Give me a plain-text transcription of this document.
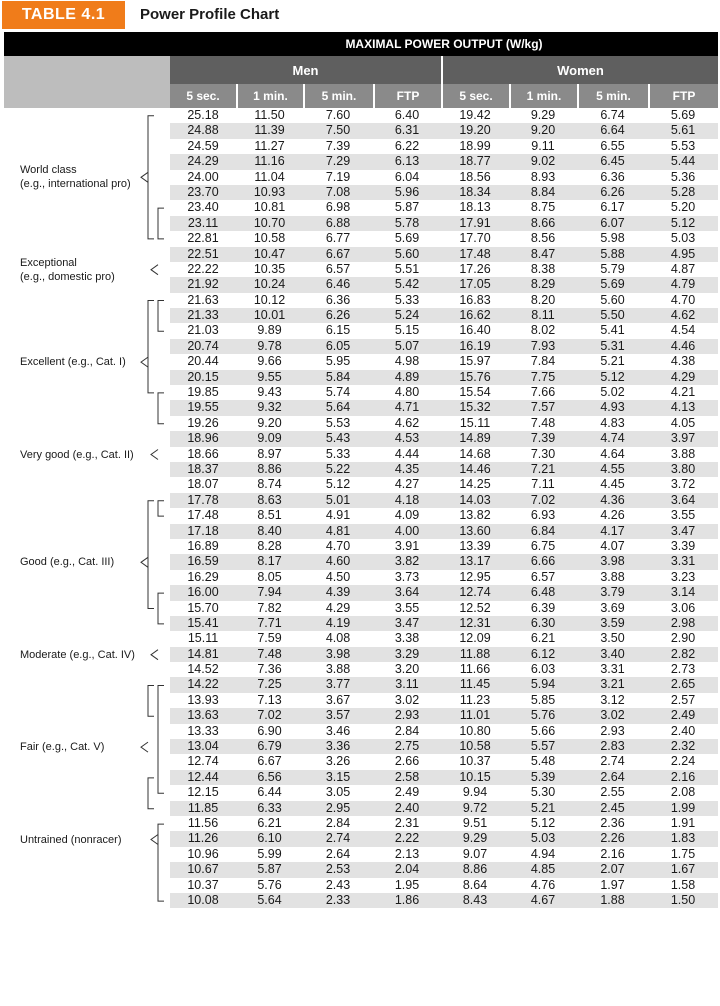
TABLE 4.1	Power Profile Chart
MAXIMAL POWER OUTPUT (W/kg)
Men	Women
5 sec.	1 min.	5 min.	FTP	5 sec.	1 min.	5 min.	FTP
25.18	11.50	7.60	6.40	19.42	9.29	6.74	5.69
24.88	11.39	7.50	6.31	19.20	9.20	6.64	5.61
24.59	11.27	7.39	6.22	18.99	9.11	6.55	5.53
24.29	11.16	7.29	6.13	18.77	9.02	6.45	5.44
24.00	11.04	7.19	6.04	18.56	8.93	6.36	5.36
23.70	10.93	7.08	5.96	18.34	8.84	6.26	5.28
23.40	10.81	6.98	5.87	18.13	8.75	6.17	5.20
23.11	10.70	6.88	5.78	17.91	8.66	6.07	5.12
22.81	10.58	6.77	5.69	17.70	8.56	5.98	5.03
22.51	10.47	6.67	5.60	17.48	8.47	5.88	4.95
22.22	10.35	6.57	5.51	17.26	8.38	5.79	4.87
21.92	10.24	6.46	5.42	17.05	8.29	5.69	4.79
21.63	10.12	6.36	5.33	16.83	8.20	5.60	4.70
21.33	10.01	6.26	5.24	16.62	8.11	5.50	4.62
21.03	9.89	6.15	5.15	16.40	8.02	5.41	4.54
20.74	9.78	6.05	5.07	16.19	7.93	5.31	4.46
20.44	9.66	5.95	4.98	15.97	7.84	5.21	4.38
20.15	9.55	5.84	4.89	15.76	7.75	5.12	4.29
19.85	9.43	5.74	4.80	15.54	7.66	5.02	4.21
19.55	9.32	5.64	4.71	15.32	7.57	4.93	4.13
19.26	9.20	5.53	4.62	15.11	7.48	4.83	4.05
18.96	9.09	5.43	4.53	14.89	7.39	4.74	3.97
18.66	8.97	5.33	4.44	14.68	7.30	4.64	3.88
18.37	8.86	5.22	4.35	14.46	7.21	4.55	3.80
18.07	8.74	5.12	4.27	14.25	7.11	4.45	3.72
17.78	8.63	5.01	4.18	14.03	7.02	4.36	3.64
17.48	8.51	4.91	4.09	13.82	6.93	4.26	3.55
17.18	8.40	4.81	4.00	13.60	6.84	4.17	3.47
16.89	8.28	4.70	3.91	13.39	6.75	4.07	3.39
16.59	8.17	4.60	3.82	13.17	6.66	3.98	3.31
16.29	8.05	4.50	3.73	12.95	6.57	3.88	3.23
16.00	7.94	4.39	3.64	12.74	6.48	3.79	3.14
15.70	7.82	4.29	3.55	12.52	6.39	3.69	3.06
15.41	7.71	4.19	3.47	12.31	6.30	3.59	2.98
15.11	7.59	4.08	3.38	12.09	6.21	3.50	2.90
14.81	7.48	3.98	3.29	11.88	6.12	3.40	2.82
14.52	7.36	3.88	3.20	11.66	6.03	3.31	2.73
14.22	7.25	3.77	3.11	11.45	5.94	3.21	2.65
13.93	7.13	3.67	3.02	11.23	5.85	3.12	2.57
13.63	7.02	3.57	2.93	11.01	5.76	3.02	2.49
13.33	6.90	3.46	2.84	10.80	5.66	2.93	2.40
13.04	6.79	3.36	2.75	10.58	5.57	2.83	2.32
12.74	6.67	3.26	2.66	10.37	5.48	2.74	2.24
12.44	6.56	3.15	2.58	10.15	5.39	2.64	2.16
12.15	6.44	3.05	2.49	9.94	5.30	2.55	2.08
11.85	6.33	2.95	2.40	9.72	5.21	2.45	1.99
11.56	6.21	2.84	2.31	9.51	5.12	2.36	1.91
11.26	6.10	2.74	2.22	9.29	5.03	2.26	1.83
10.96	5.99	2.64	2.13	9.07	4.94	2.16	1.75
10.67	5.87	2.53	2.04	8.86	4.85	2.07	1.67
10.37	5.76	2.43	1.95	8.64	4.76	1.97	1.58
10.08	5.64	2.33	1.86	8.43	4.67	1.88	1.50
World class
(e.g., international pro)
Exceptional
(e.g., domestic pro)
Excellent (e.g., Cat. I)
Very good (e.g., Cat. II)
Good (e.g., Cat. III)
Moderate (e.g., Cat. IV)
Fair (e.g., Cat. V)
Untrained (nonracer)
